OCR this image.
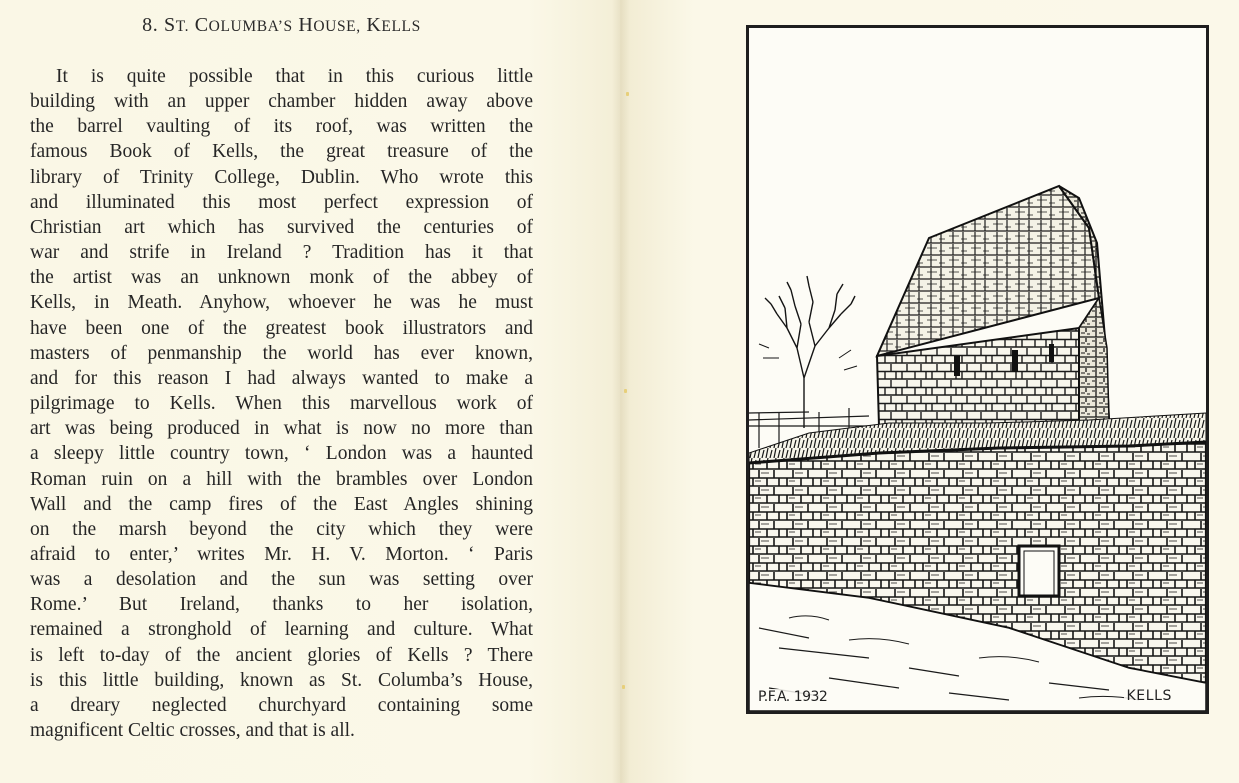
8. ST. COLUMBA’S HOUSE, KELLS
It is quite possible that in this curious little
building with an upper chamber hidden away above
the barrel vaulting of its roof, was written the
famous Book of Kells, the great treasure of the
library of Trinity College, Dublin. Who wrote this
and illuminated this most perfect expression of
Christian art which has survived the centuries of
war and strife in Ireland ? Tradition has it that
the artist was an unknown monk of the abbey of
Kells, in Meath. Anyhow, whoever he was he must
have been one of the greatest book illustrators and
masters of penmanship the world has ever known,
and for this reason I had always wanted to make a
pilgrimage to Kells. When this marvellous work of
art was being produced in what is now no more than
a sleepy little country town, ‘ London was a haunted
Roman ruin on a hill with the brambles over London
Wall and the camp fires of the East Angles shining
on the marsh beyond the city which they were
afraid to enter,’ writes Mr. H. V. Morton. ‘ Paris
was a desolation and the sun was setting over
Rome.’ But Ireland, thanks to her isolation,
remained a stronghold of learning and culture. What
is left to-day of the ancient glories of Kells ? There
is this little building, known as St. Columba’s House,
a dreary neglected churchyard containing some
magnificent Celtic crosses, and that is all.
P.F.A. 1932	KELLS
